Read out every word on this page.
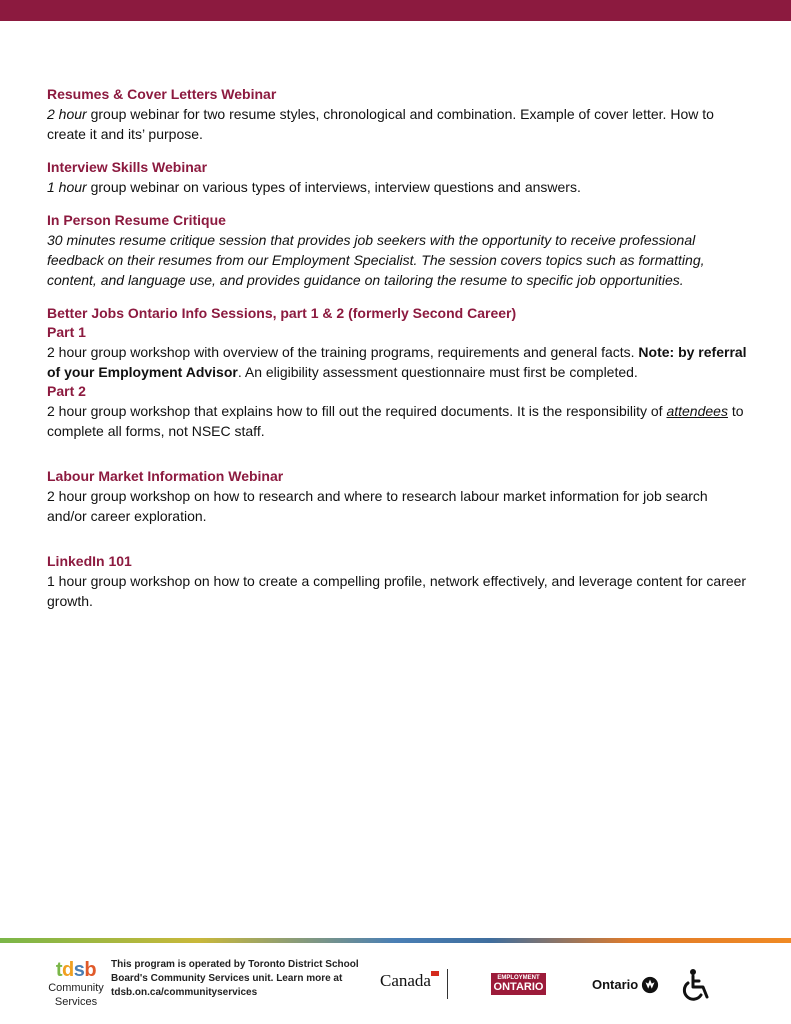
Resumes & Cover Letters Webinar

2 hour group webinar for two resume styles, chronological and combination. Example of cover letter. How to create it and its’ purpose.

Interview Skills Webinar

1 hour group webinar on various types of interviews, interview questions and answers.

In Person Resume Critique

30 minutes resume critique session that provides job seekers with the opportunity to receive professional feedback on their resumes from our Employment Specialist. The session covers topics such as formatting, content, and language use, and provides guidance on tailoring the resume to specific job opportunities.

Better Jobs Ontario Info Sessions, part 1 & 2 (formerly Second Career)

Part 1

2 hour group workshop with overview of the training programs, requirements and general facts. Note: by referral of your Employment Advisor. An eligibility assessment questionnaire must first be completed.

Part 2

2 hour group workshop that explains how to fill out the required documents. It is the responsibility of attendees to complete all forms, not NSEC staff.

Labour Market Information Webinar

2 hour group workshop on how to research and where to research labour market information for job search and/or career exploration.

LinkedIn 101

1 hour group workshop on how to create a compelling profile, network effectively, and leverage content for career growth.

tdsb
Community
Services
This program is operated by Toronto District School Board's Community Services unit. Learn more at tdsb.on.ca/communityservices
Canada	EMPLOYMENT
ONTARIO	Ontario
